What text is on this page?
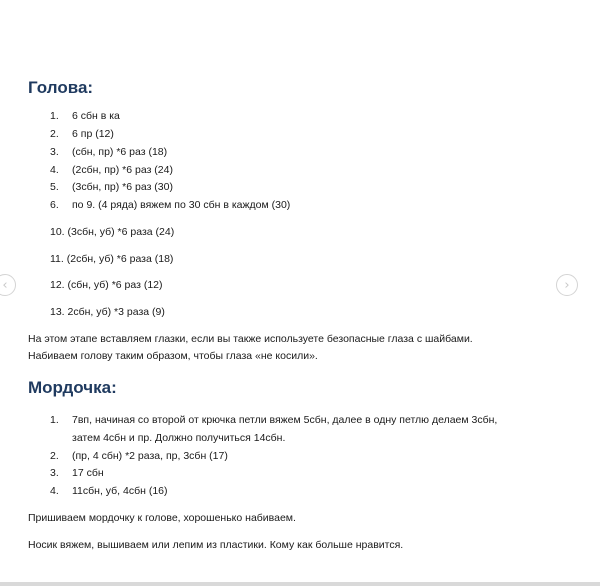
Голова:
1. 6 сбн в ка
2. 6 пр (12)
3. (сбн, пр) *6 раз (18)
4. (2сбн, пр) *6 раз (24)
5. (3сбн, пр) *6 раз (30)
6. по 9. (4 ряда) вяжем по 30 сбн в каждом (30)
10. (3сбн, уб) *6 раза (24)
11. (2сбн, уб) *6 раза (18)
12. (сбн, уб) *6 раз (12)
13. 2сбн, уб) *3 раза (9)
На этом этапе вставляем глазки, если вы также используете безопасные глаза с шайбами.
Набиваем голову таким образом, чтобы глаза «не косили».
Мордочка:
1. 7вп, начиная со второй от крючка петли вяжем 5сбн, далее в одну петлю делаем 3сбн,
затем 4сбн и пр. Должно получиться 14сбн.
2. (пр, 4 сбн) *2 раза, пр, 3сбн (17)
3. 17 сбн
4. 11сбн, уб, 4сбн (16)
Пришиваем мордочку к голове, хорошенько набиваем.
Носик вяжем, вышиваем или лепим из пластики. Кому как больше нравится.
‹	›
